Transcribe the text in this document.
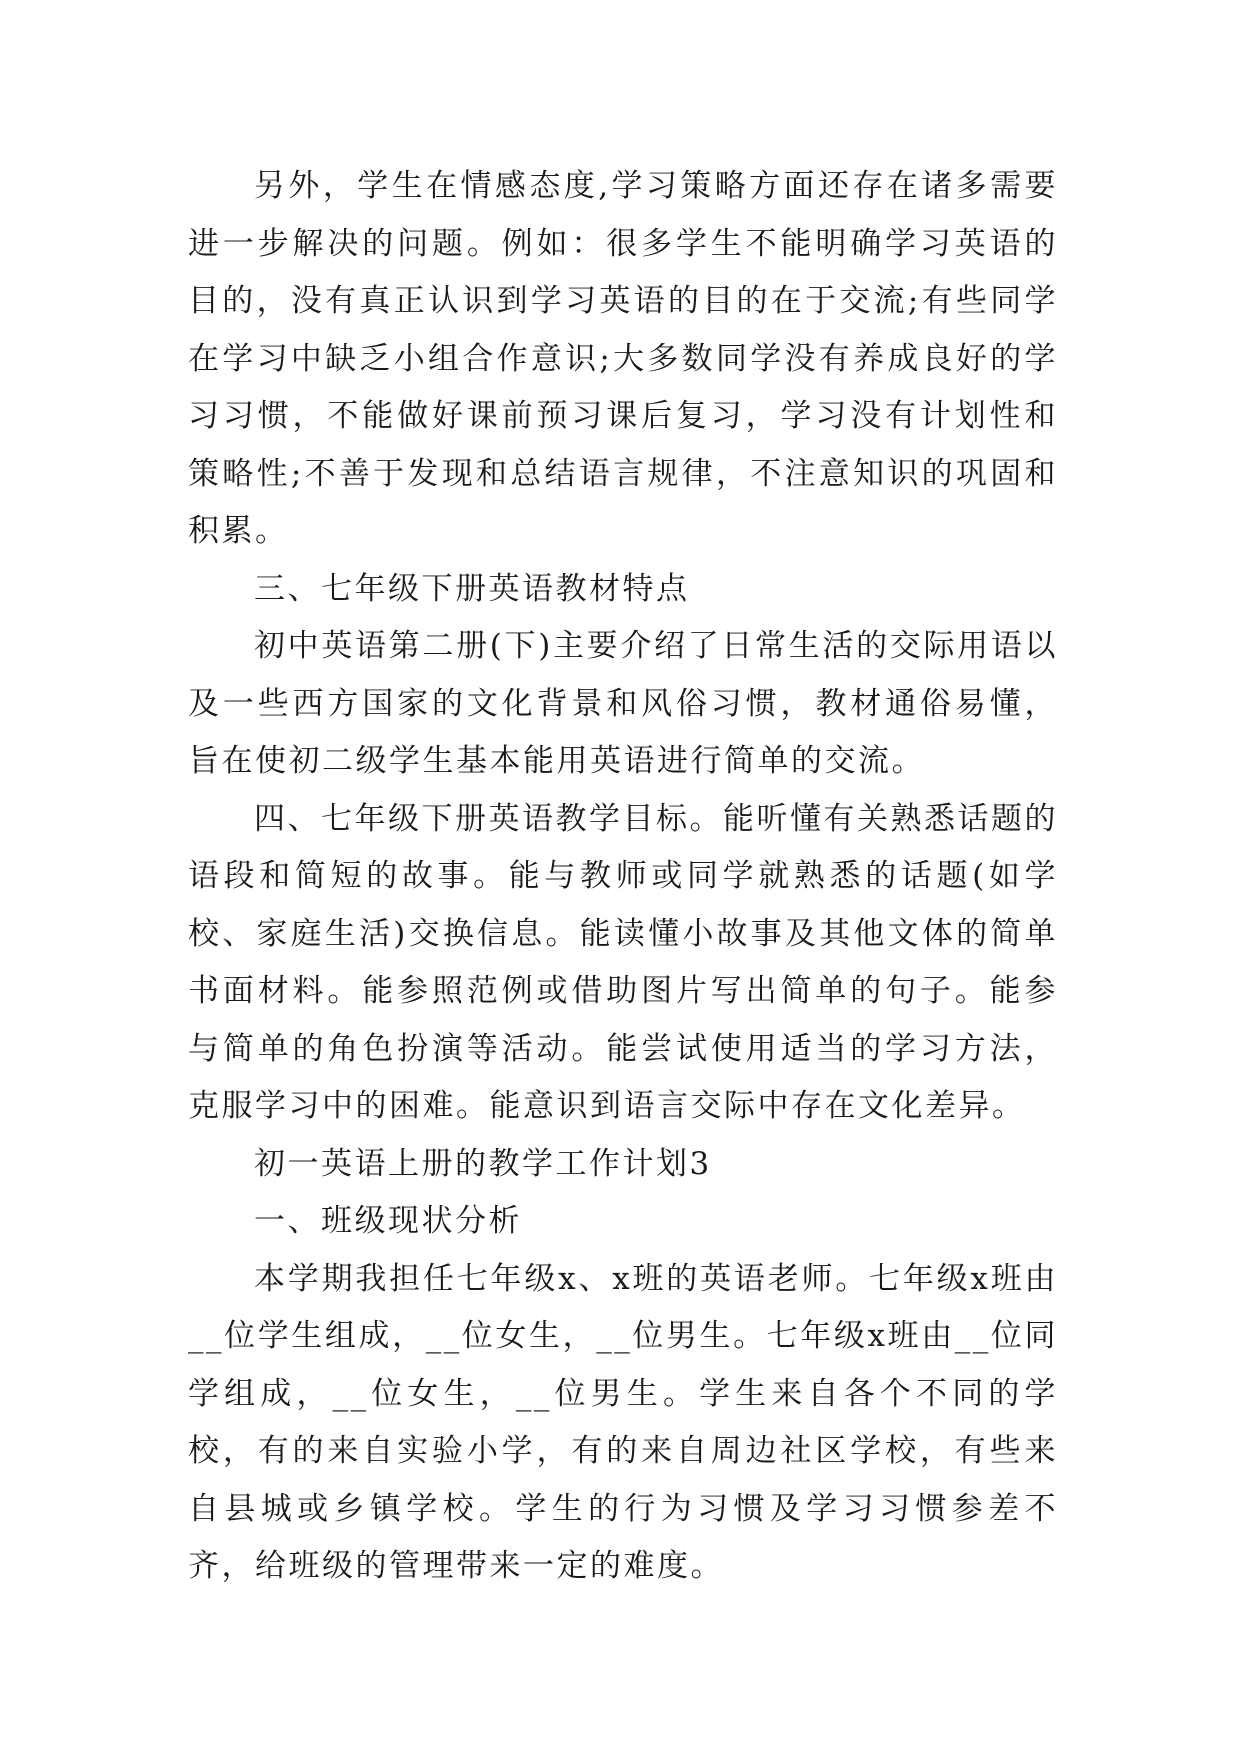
另外，学生在情感态度,学习策略方面还存在诸多需要进一步解决的问题。例如：很多学生不能明确学习英语的目的，没有真正认识到学习英语的目的在于交流;有些同学在学习中缺乏小组合作意识;大多数同学没有养成良好的学习习惯，不能做好课前预习课后复习，学习没有计划性和策略性;不善于发现和总结语言规律，不注意知识的巩固和积累。

三、七年级下册英语教材特点

初中英语第二册(下)主要介绍了日常生活的交际用语以及一些西方国家的文化背景和风俗习惯，教材通俗易懂，旨在使初二级学生基本能用英语进行简单的交流。

四、七年级下册英语教学目标。能听懂有关熟悉话题的语段和简短的故事。能与教师或同学就熟悉的话题(如学校、家庭生活)交换信息。能读懂小故事及其他文体的简单书面材料。能参照范例或借助图片写出简单的句子。能参与简单的角色扮演等活动。能尝试使用适当的学习方法，克服学习中的困难。能意识到语言交际中存在文化差异。

初一英语上册的教学工作计划3

一、班级现状分析

本学期我担任七年级x、x班的英语老师。七年级x班由__位学生组成，__位女生，__位男生。七年级x班由__位同学组成，__位女生，__位男生。学生来自各个不同的学校，有的来自实验小学，有的来自周边社区学校，有些来自县城或乡镇学校。学生的行为习惯及学习习惯参差不齐，给班级的管理带来一定的难度。
